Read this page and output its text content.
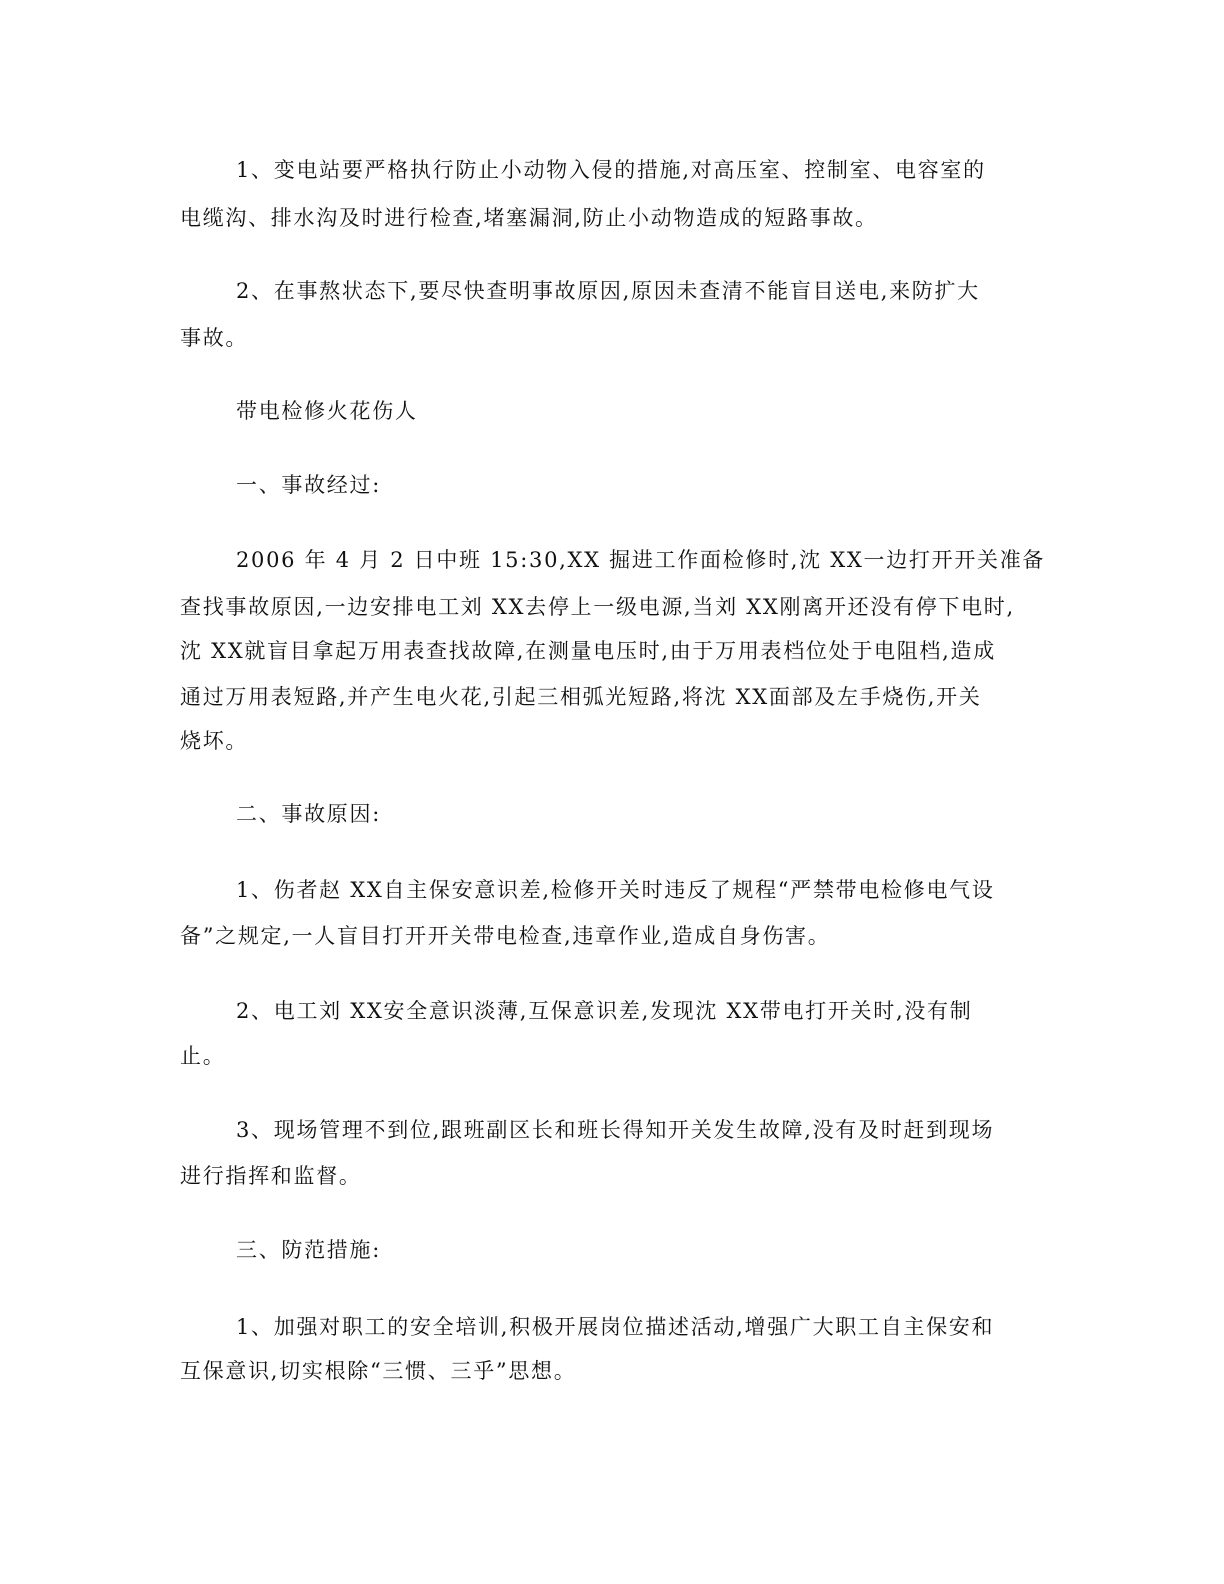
1、变电站要严格执行防止小动物入侵的措施,对高压室、控制室、电容室的
电缆沟、排水沟及时进行检查,堵塞漏洞,防止小动物造成的短路事故。
2、在事熬状态下,要尽快查明事故原因,原因未查清不能盲目送电,来防扩大
事故。
带电检修火花伤人
一、事故经过:
2006 年 4 月 2 日中班 15:30,XX 掘进工作面检修时,沈 XX一边打开开关准备
查找事故原因,一边安排电工刘 XX去停上一级电源,当刘 XX刚离开还没有停下电时,
沈 XX就盲目拿起万用表查找故障,在测量电压时,由于万用表档位处于电阻档,造成
通过万用表短路,并产生电火花,引起三相弧光短路,将沈 XX面部及左手烧伤,开关
烧坏。
二、事故原因:
1、伤者赵 XX自主保安意识差,检修开关时违反了规程“严禁带电检修电气设
备”之规定,一人盲目打开开关带电检查,违章作业,造成自身伤害。
2、电工刘 XX安全意识淡薄,互保意识差,发现沈 XX带电打开关时,没有制
止。
3、现场管理不到位,跟班副区长和班长得知开关发生故障,没有及时赶到现场
进行指挥和监督。
三、防范措施:
1、加强对职工的安全培训,积极开展岗位描述活动,增强广大职工自主保安和
互保意识,切实根除“三惯、三乎”思想。
